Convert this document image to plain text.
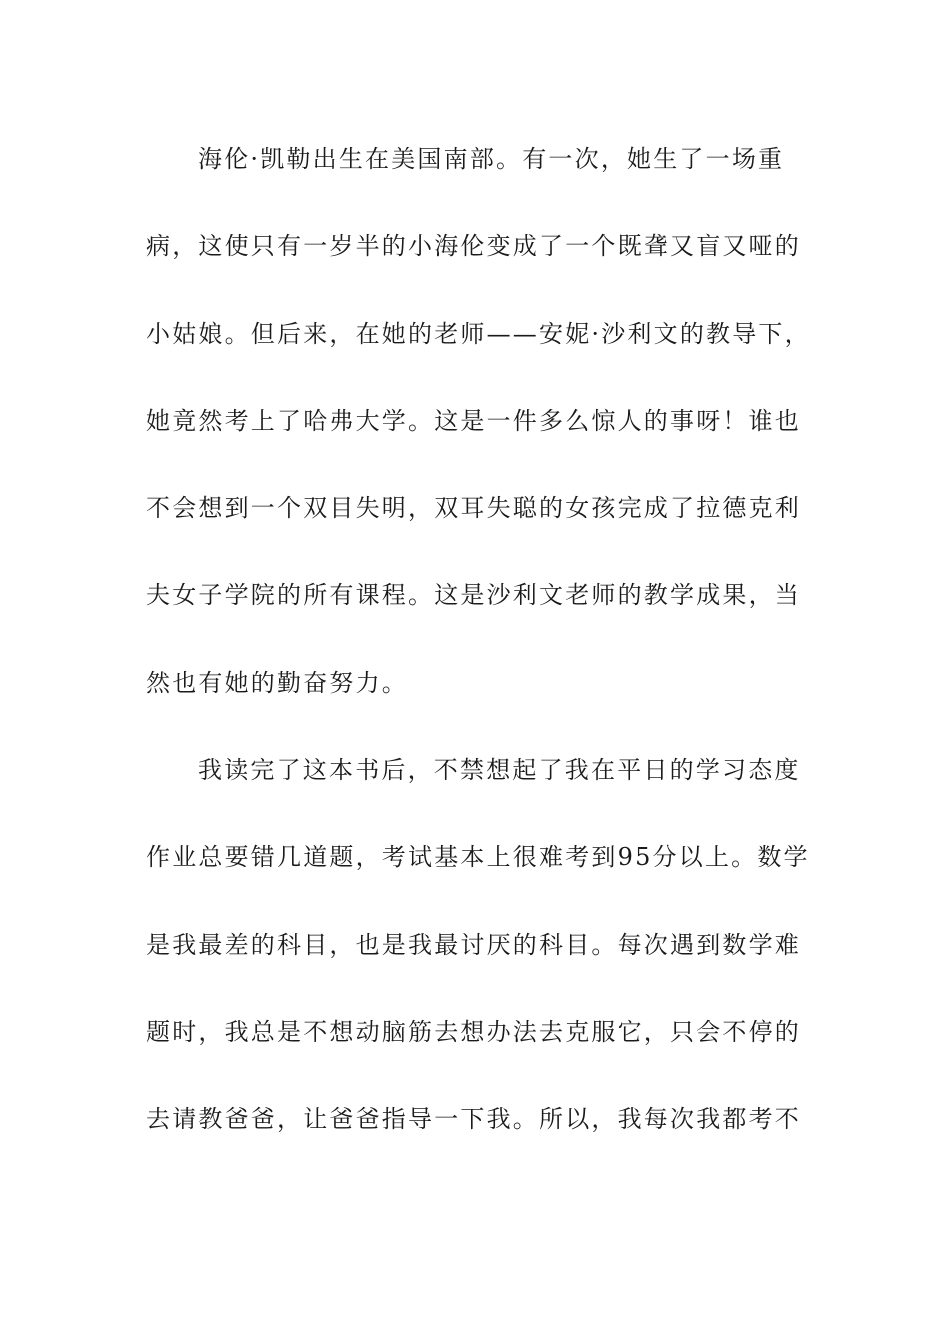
海伦·凯勒出生在美国南部。有一次，她生了一场重
病，这使只有一岁半的小海伦变成了一个既聋又盲又哑的
小姑娘。但后来，在她的老师——安妮·沙利文的教导下，
她竟然考上了哈弗大学。这是一件多么惊人的事呀！谁也
不会想到一个双目失明，双耳失聪的女孩完成了拉德克利
夫女子学院的所有课程。这是沙利文老师的教学成果，当
然也有她的勤奋努力。
我读完了这本书后，不禁想起了我在平日的学习态度
作业总要错几道题，考试基本上很难考到95分以上。数学
是我最差的科目，也是我最讨厌的科目。每次遇到数学难
题时，我总是不想动脑筋去想办法去克服它，只会不停的
去请教爸爸，让爸爸指导一下我。所以，我每次我都考不
